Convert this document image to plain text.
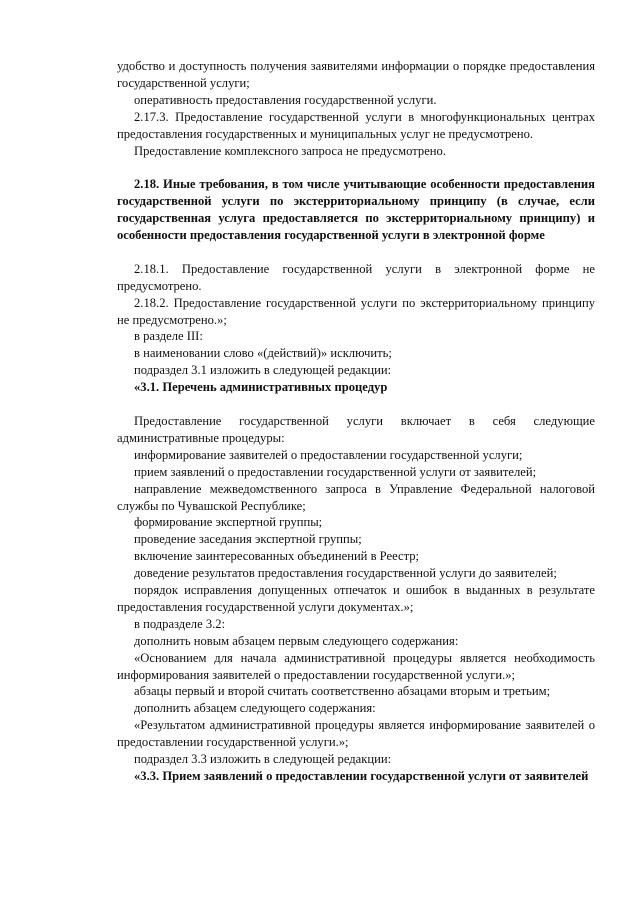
удобство и доступность получения заявителями информации о порядке предоставления государственной услуги;
оперативность предоставления государственной услуги.
2.17.3. Предоставление государственной услуги в многофункциональных центрах предоставления государственных и муниципальных услуг не предусмотрено.
Предоставление комплексного запроса не предусмотрено.
2.18. Иные требования, в том числе учитывающие особенности предоставления государственной услуги по экстерриториальному принципу (в случае, если государственная услуга предоставляется по экстерриториальному принципу) и особенности предоставления государственной услуги в электронной форме
2.18.1. Предоставление государственной услуги в электронной форме не предусмотрено.
2.18.2. Предоставление государственной услуги по экстерриториальному принципу не предусмотрено.»;
в разделе III:
в наименовании слово «(действий)» исключить;
подраздел 3.1 изложить в следующей редакции:
«3.1. Перечень административных процедур
Предоставление государственной услуги включает в себя следующие административные процедуры:
информирование заявителей о предоставлении государственной услуги;
прием заявлений о предоставлении государственной услуги от заявителей;
направление межведомственного запроса в Управление Федеральной налоговой службы по Чувашской Республике;
формирование экспертной группы;
проведение заседания экспертной группы;
включение заинтересованных объединений в Реестр;
доведение результатов предоставления государственной услуги до заявителей;
порядок исправления допущенных отпечаток и ошибок в выданных в результате предоставления государственной услуги документах.»;
в подразделе 3.2:
дополнить новым абзацем первым следующего содержания:
«Основанием для начала административной процедуры является необходимость информирования заявителей о предоставлении государственной услуги.»;
абзацы первый и второй считать соответственно абзацами вторым и третьим;
дополнить абзацем следующего содержания:
«Результатом административной процедуры является информирование заявителей о предоставлении государственной услуги.»;
подраздел 3.3 изложить в следующей редакции:
«3.3. Прием заявлений о предоставлении государственной услуги от заявителей
